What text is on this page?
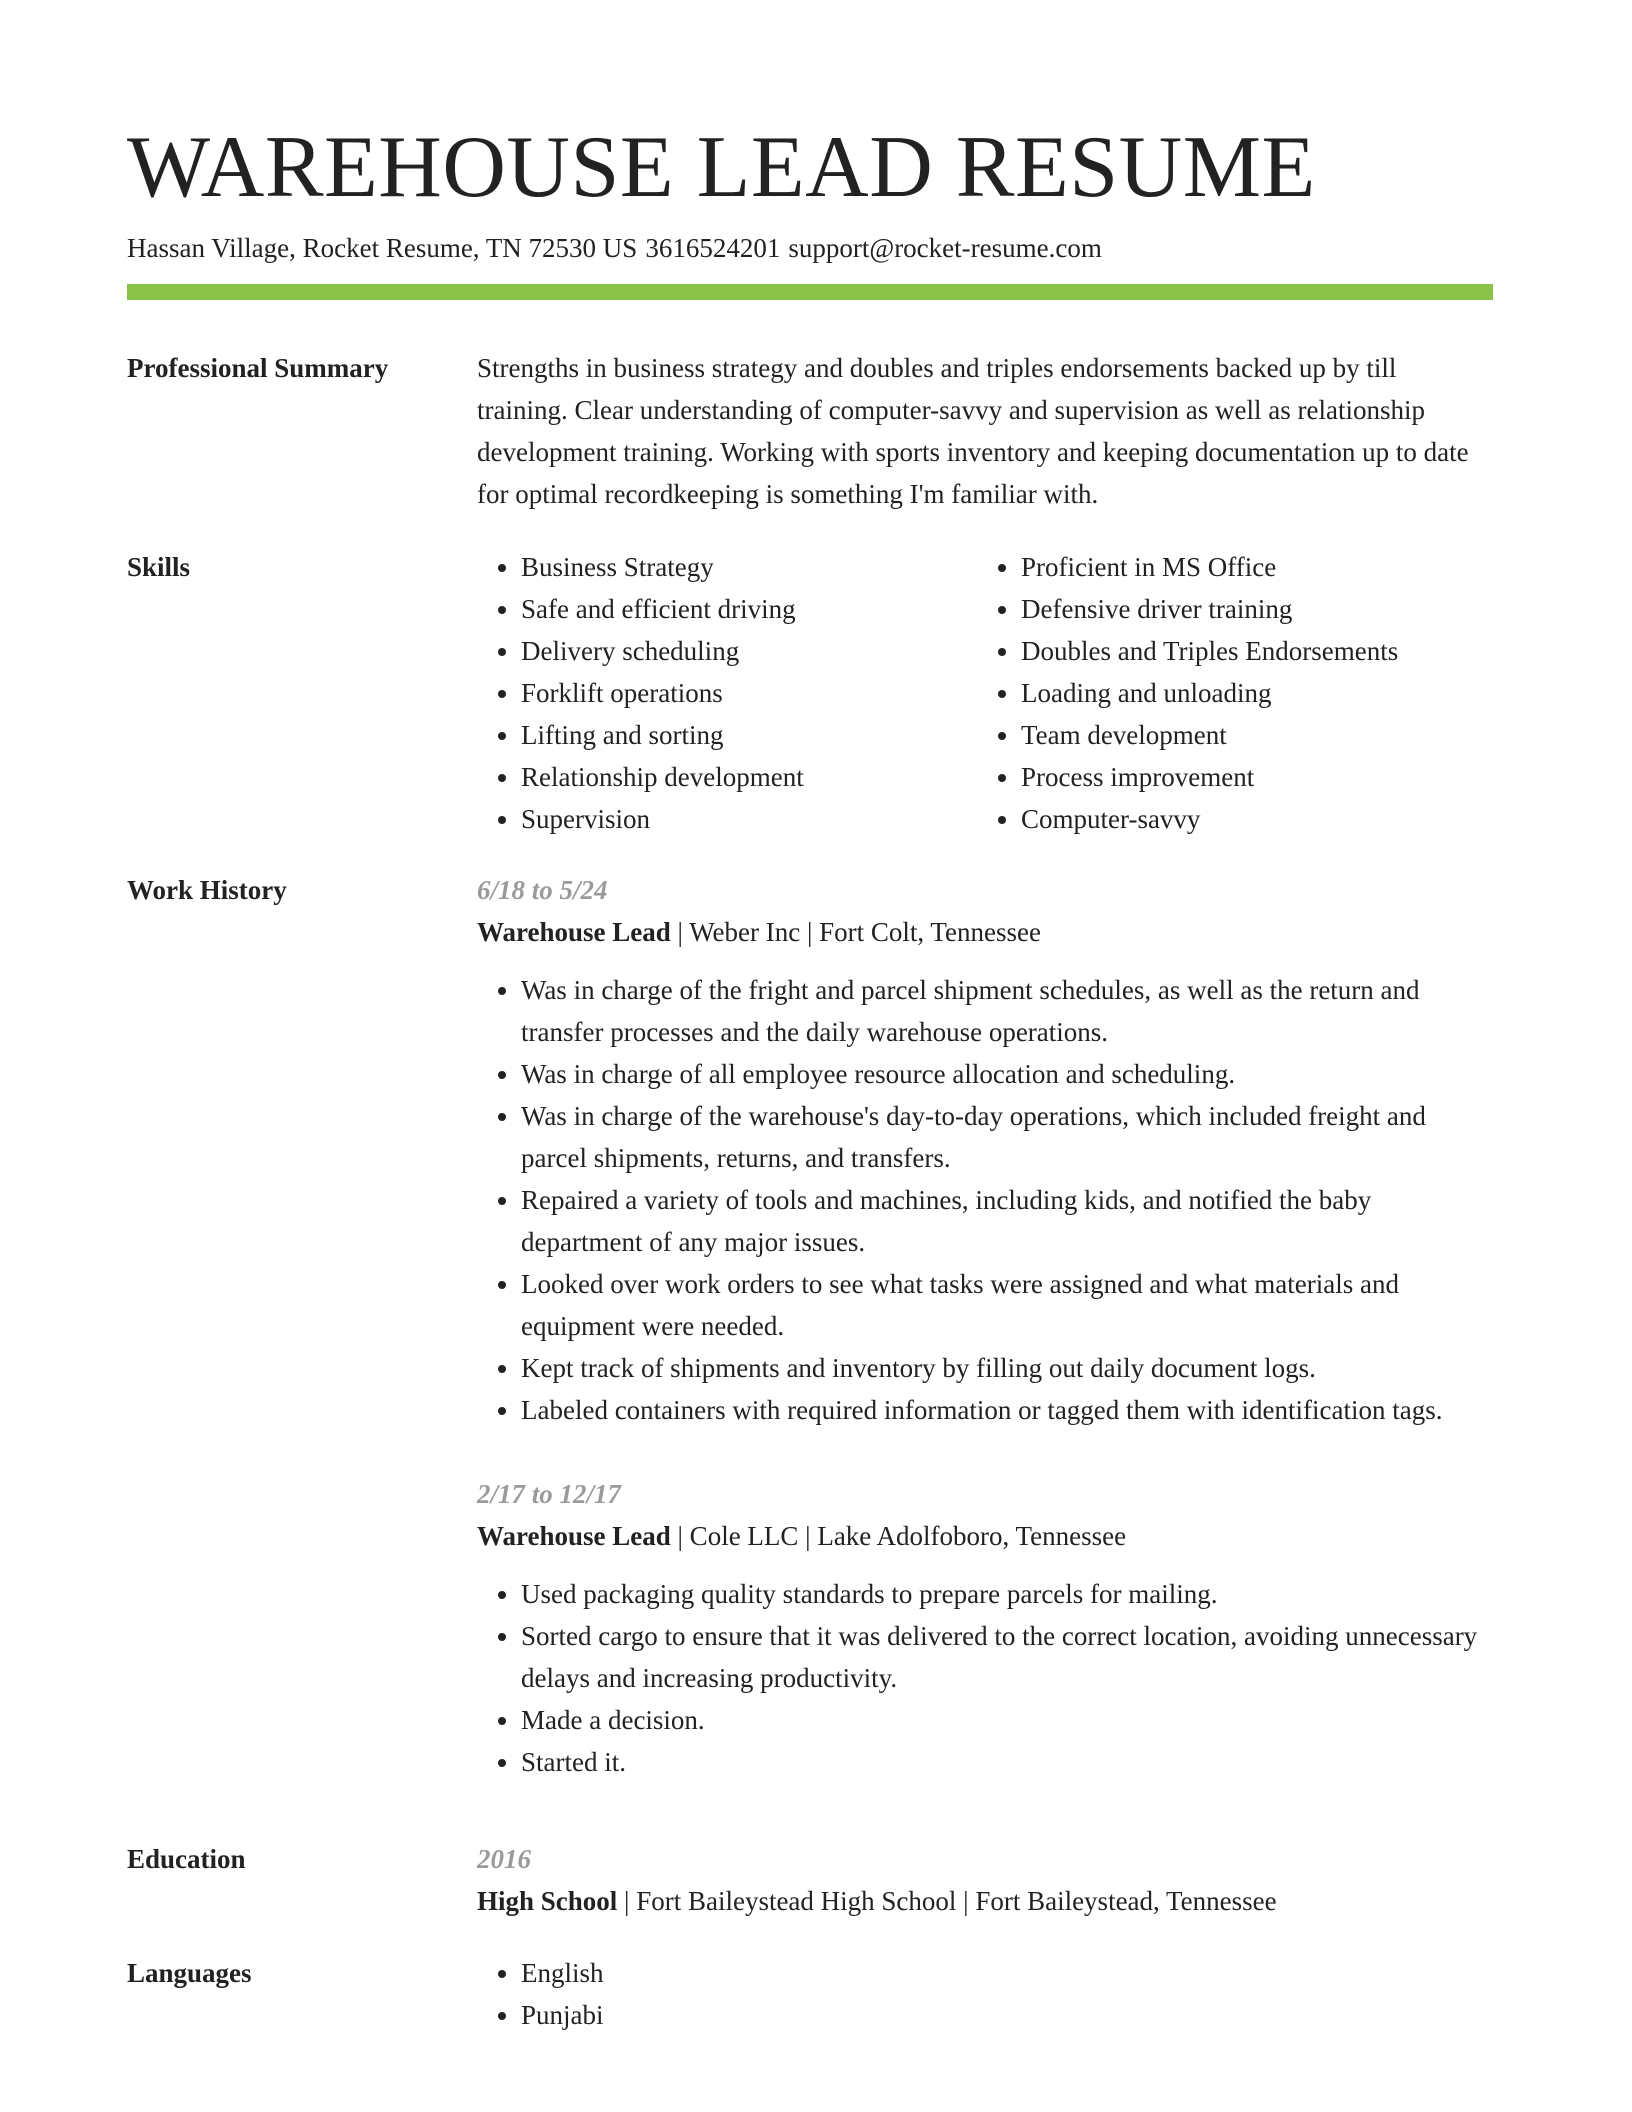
WAREHOUSE LEAD RESUME
Hassan Village, Rocket Resume, TN 72530 US 3616524201 support@rocket-resume.com
Professional Summary	Strengths in business strategy and doubles and triples endorsements backed up by till training. Clear understanding of computer-savvy and supervision as well as relationship development training. Working with sports inventory and keeping documentation up to date for optimal recordkeeping is something I'm familiar with.

Skills	• Business Strategy
• Safe and efficient driving
• Delivery scheduling
• Forklift operations
• Lifting and sorting
• Relationship development
• Supervision
• Proficient in MS Office
• Defensive driver training
• Doubles and Triples Endorsements
• Loading and unloading
• Team development
• Process improvement
• Computer-savvy
Work History	6/18 to 5/24
Warehouse Lead | Weber Inc | Fort Colt, Tennessee
• Was in charge of the fright and parcel shipment schedules, as well as the return and transfer processes and the daily warehouse operations.
• Was in charge of all employee resource allocation and scheduling.
• Was in charge of the warehouse's day-to-day operations, which included freight and parcel shipments, returns, and transfers.
• Repaired a variety of tools and machines, including kids, and notified the baby department of any major issues.
• Looked over work orders to see what tasks were assigned and what materials and equipment were needed.
• Kept track of shipments and inventory by filling out daily document logs.
• Labeled containers with required information or tagged them with identification tags.
2/17 to 12/17
Warehouse Lead | Cole LLC | Lake Adolfoboro, Tennessee
• Used packaging quality standards to prepare parcels for mailing.
• Sorted cargo to ensure that it was delivered to the correct location, avoiding unnecessary delays and increasing productivity.
• Made a decision.
• Started it.
Education	2016
High School | Fort Baileystead High School | Fort Baileystead, Tennessee
Languages	• English
• Punjabi
